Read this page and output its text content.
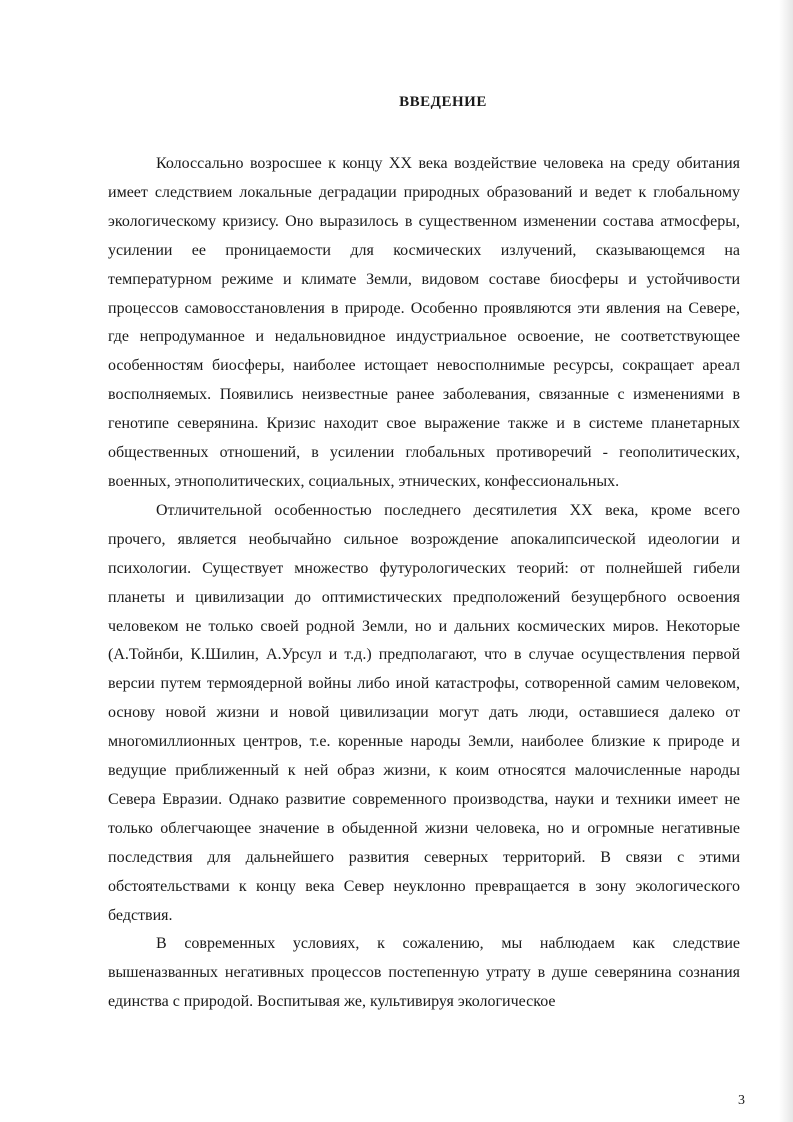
ВВЕДЕНИЕ

Колоссально возросшее к концу XX века воздействие человека на среду обитания имеет следствием локальные деградации природных образований и ведет к глобальному экологическому кризису. Оно выразилось в существенном изменении состава атмосферы, усилении ее проницаемости для космических излучений, сказывающемся на температурном режиме и климате Земли, видовом составе биосферы и устойчивости процессов самовосстановления в природе. Особенно проявляются эти явления на Севере, где непродуманное и недальновидное индустриальное освоение, не соответствующее особенностям биосферы, наиболее истощает невосполнимые ресурсы, сокращает ареал восполняемых. Появились неизвестные ранее заболевания, связанные с изменениями в генотипе северянина. Кризис находит свое выражение также и в системе планетарных общественных отношений, в усилении глобальных противоречий - геополитических, военных, этнополитических, социальных, этнических, конфессиональных.

Отличительной особенностью последнего десятилетия XX века, кроме всего прочего, является необычайно сильное возрождение апокалипсической идеологии и психологии. Существует множество футурологических теорий: от полнейшей гибели планеты и цивилизации до оптимистических предположений безущербного освоения человеком не только своей родной Земли, но и дальних космических миров. Некоторые (А.Тойнби, К.Шилин, А.Урсул и т.д.) предполагают, что в случае осуществления первой версии путем термоядерной войны либо иной катастрофы, сотворенной самим человеком, основу новой жизни и новой цивилизации могут дать люди, оставшиеся далеко от многомиллионных центров, т.е. коренные народы Земли, наиболее близкие к природе и ведущие приближенный к ней образ жизни, к коим относятся малочисленные народы Севера Евразии. Однако развитие современного производства, науки и техники имеет не только облегчающее значение в обыденной жизни человека, но и огромные негативные последствия для дальнейшего развития северных территорий. В связи с этими обстоятельствами к концу века Север неуклонно превращается в зону экологического бедствия.

В современных условиях, к сожалению, мы наблюдаем как следствие вышеназванных негативных процессов постепенную утрату в душе северянина сознания единства с природой. Воспитывая же, культивируя экологическое

3
